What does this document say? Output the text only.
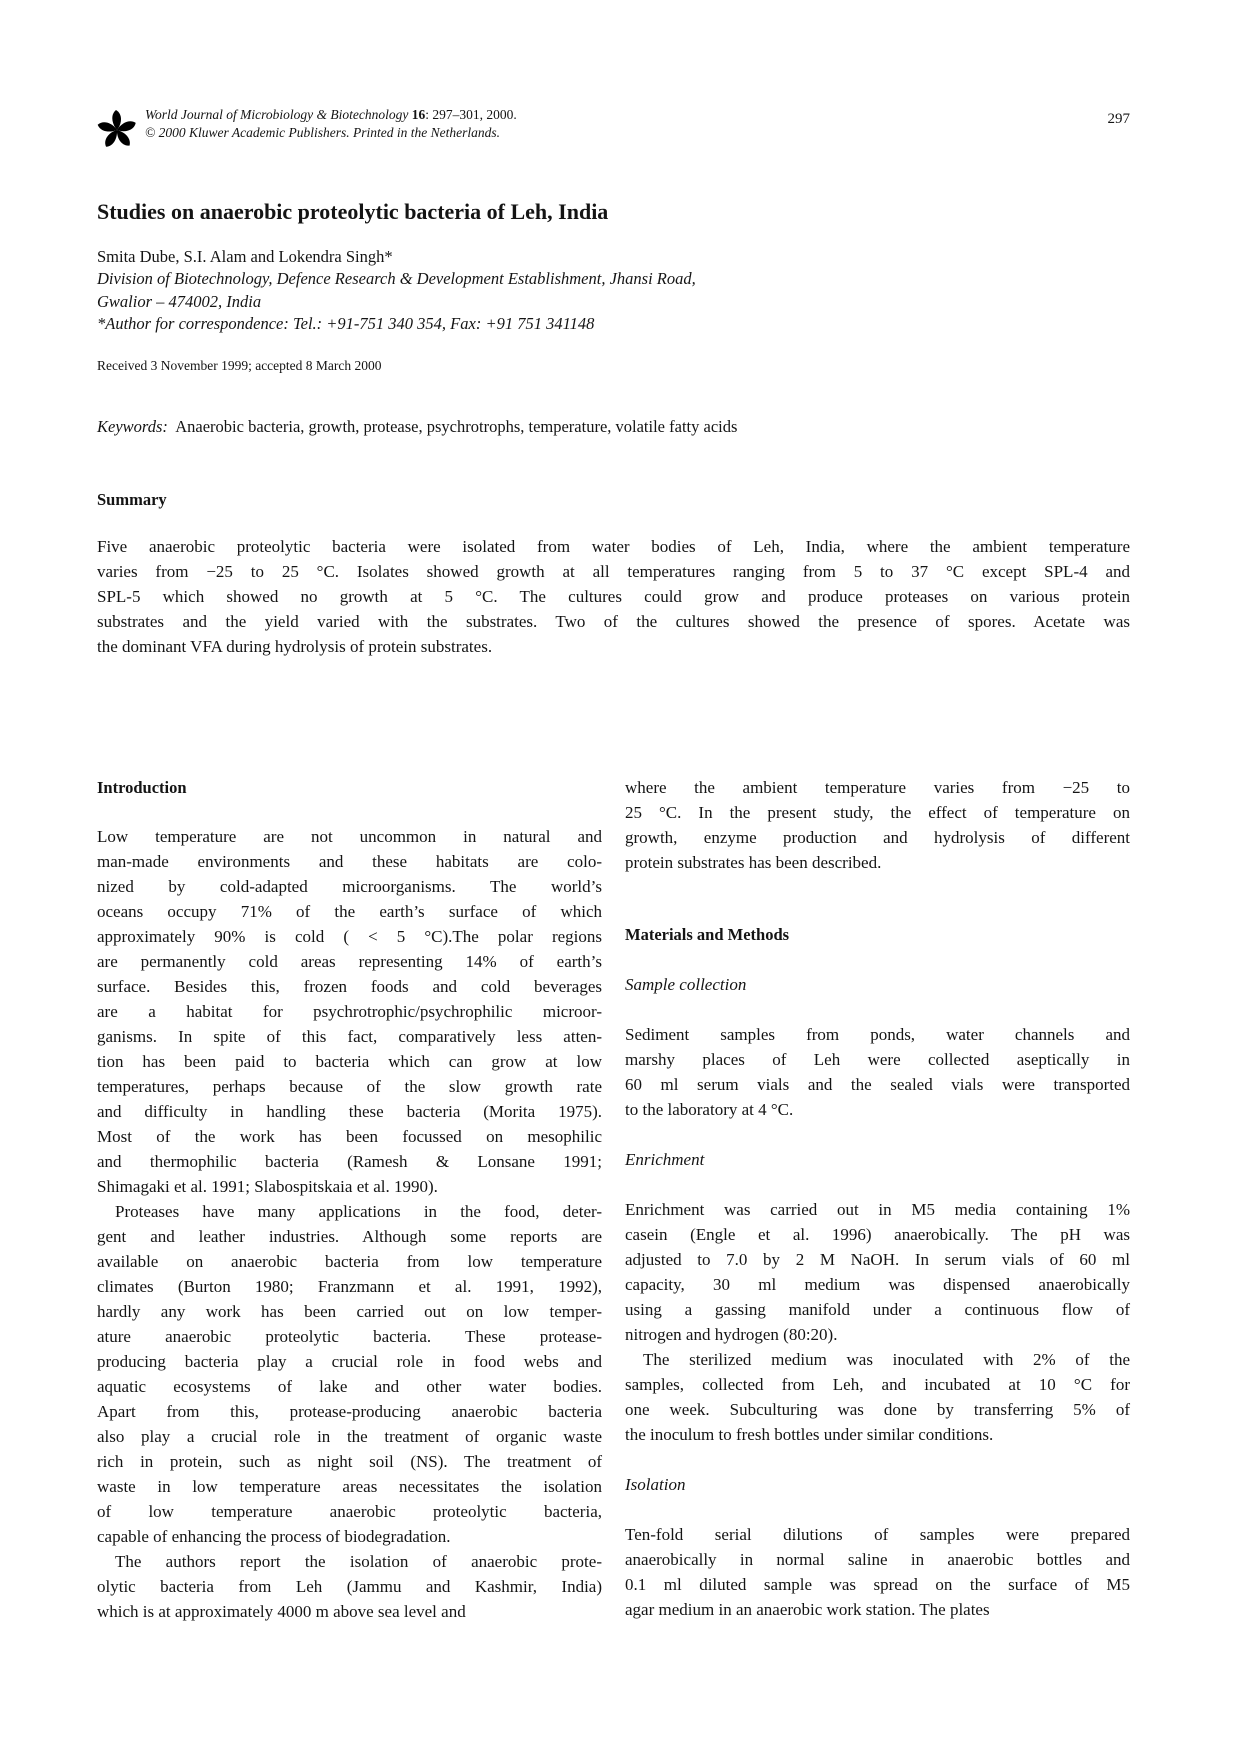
World Journal of Microbiology & Biotechnology 16: 297–301, 2000.
© 2000 Kluwer Academic Publishers. Printed in the Netherlands.
297
Studies on anaerobic proteolytic bacteria of Leh, India
Smita Dube, S.I. Alam and Lokendra Singh*
Division of Biotechnology, Defence Research & Development Establishment, Jhansi Road,
Gwalior – 474002, India
*Author for correspondence: Tel.: +91-751 340 354, Fax: +91 751 341148
Received 3 November 1999; accepted 8 March 2000
Keywords: Anaerobic bacteria, growth, protease, psychrotrophs, temperature, volatile fatty acids
Summary
Five anaerobic proteolytic bacteria were isolated from water bodies of Leh, India, where the ambient temperature
varies from −25 to 25 °C. Isolates showed growth at all temperatures ranging from 5 to 37 °C except SPL-4 and
SPL-5 which showed no growth at 5 °C. The cultures could grow and produce proteases on various protein
substrates and the yield varied with the substrates. Two of the cultures showed the presence of spores. Acetate was
the dominant VFA during hydrolysis of protein substrates.
Introduction
Low temperature are not uncommon in natural and
man-made environments and these habitats are colo-
nized by cold-adapted microorganisms. The world’s
oceans occupy 71% of the earth’s surface of which
approximately 90% is cold ( < 5 °C).The polar regions
are permanently cold areas representing 14% of earth’s
surface. Besides this, frozen foods and cold beverages
are a habitat for psychrotrophic/psychrophilic microor-
ganisms. In spite of this fact, comparatively less atten-
tion has been paid to bacteria which can grow at low
temperatures, perhaps because of the slow growth rate
and difficulty in handling these bacteria (Morita 1975).
Most of the work has been focussed on mesophilic
and thermophilic bacteria (Ramesh & Lonsane 1991;
Shimagaki et al. 1991; Slabospitskaia et al. 1990).
Proteases have many applications in the food, deter-
gent and leather industries. Although some reports are
available on anaerobic bacteria from low temperature
climates (Burton 1980; Franzmann et al. 1991, 1992),
hardly any work has been carried out on low temper-
ature anaerobic proteolytic bacteria. These protease-
producing bacteria play a crucial role in food webs and
aquatic ecosystems of lake and other water bodies.
Apart from this, protease-producing anaerobic bacteria
also play a crucial role in the treatment of organic waste
rich in protein, such as night soil (NS). The treatment of
waste in low temperature areas necessitates the isolation
of low temperature anaerobic proteolytic bacteria,
capable of enhancing the process of biodegradation.
The authors report the isolation of anaerobic prote-
olytic bacteria from Leh (Jammu and Kashmir, India)
which is at approximately 4000 m above sea level and
where the ambient temperature varies from −25 to
25 °C. In the present study, the effect of temperature on
growth, enzyme production and hydrolysis of different
protein substrates has been described.
Materials and Methods
Sample collection
Sediment samples from ponds, water channels and
marshy places of Leh were collected aseptically in
60 ml serum vials and the sealed vials were transported
to the laboratory at 4 °C.
Enrichment
Enrichment was carried out in M5 media containing 1%
casein (Engle et al. 1996) anaerobically. The pH was
adjusted to 7.0 by 2 M NaOH. In serum vials of 60 ml
capacity, 30 ml medium was dispensed anaerobically
using a gassing manifold under a continuous flow of
nitrogen and hydrogen (80:20).
The sterilized medium was inoculated with 2% of the
samples, collected from Leh, and incubated at 10 °C for
one week. Subculturing was done by transferring 5% of
the inoculum to fresh bottles under similar conditions.
Isolation
Ten-fold serial dilutions of samples were prepared
anaerobically in normal saline in anaerobic bottles and
0.1 ml diluted sample was spread on the surface of M5
agar medium in an anaerobic work station. The plates
